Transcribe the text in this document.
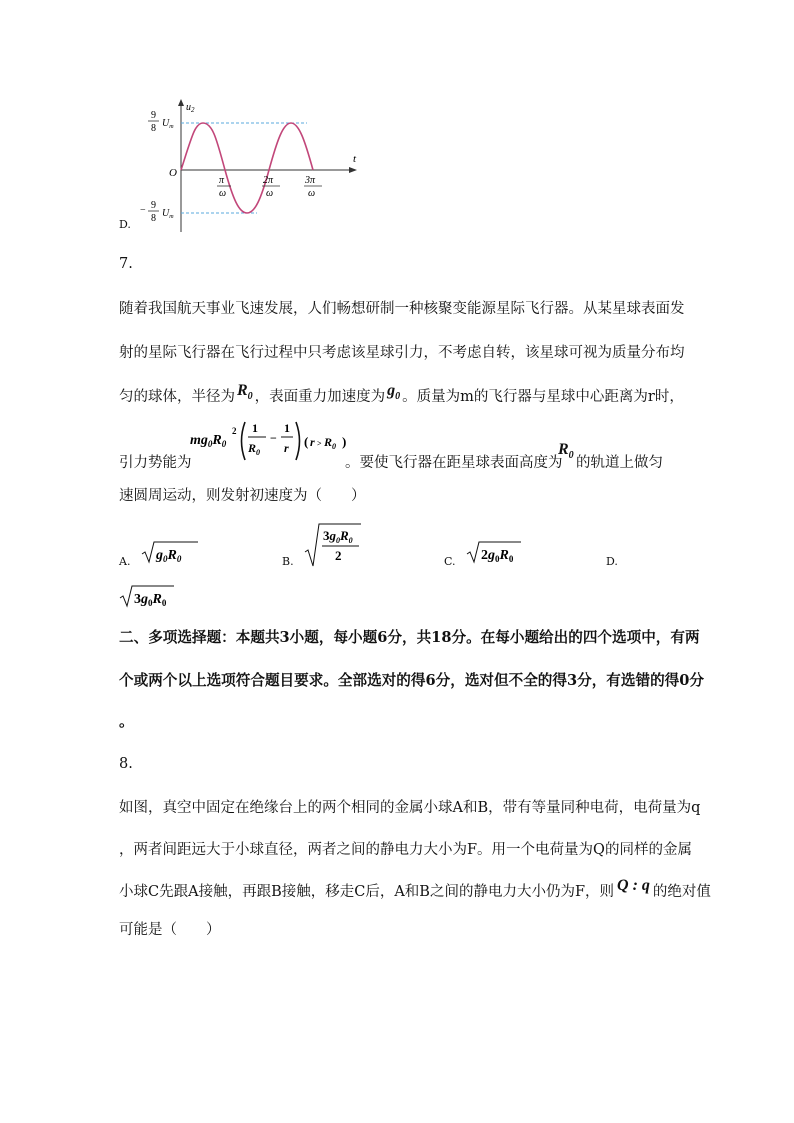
$u_2$
t
O
9
8 $U_m$
− 9
8 $U_m$
π
ω
2π
ω
3π
ω
D.
7.
随着我国航天事业飞速发展，人们畅想研制一种核聚变能源星际飞行器。从某星球表面发
射的星际飞行器在飞行过程中只考虑该星球引力，不考虑自转，该星球可视为质量分布均
匀的球体，半径为 $R_0$ ，表面重力加速度为 $g_0$ 。质量为m的飞行器与星球中心距离为r时，
$mg_0R_0$
2 1
$R_0$
−
1
r ( $r > R_0$ )
引力势能为	。要使飞行器在距星球表面高度为
$R_0$ 的轨道上做匀
速圆周运动，则发射初速度为（　　）
A. $g_0R_0$	B.
$3g_0R_0$
2	C. $2g_0R_0$	D.
$3g_0R_0$
二、多项选择题：本题共3小题，每小题6分，共18分。在每小题给出的四个选项中，有两
个或两个以上选项符合题目要求。全部选对的得6分，选对但不全的得3分，有选错的得0分
。
8.
如图，真空中固定在绝缘台上的两个相同的金属小球A和B，带有等量同种电荷，电荷量为q
，两者间距远大于小球直径，两者之间的静电力大小为F。用一个电荷量为Q的同样的金属
小球C先跟A接触，再跟B接触，移走C后，A和B之间的静电力大小仍为F，则 Q : q 的绝对值
可能是（　　）
